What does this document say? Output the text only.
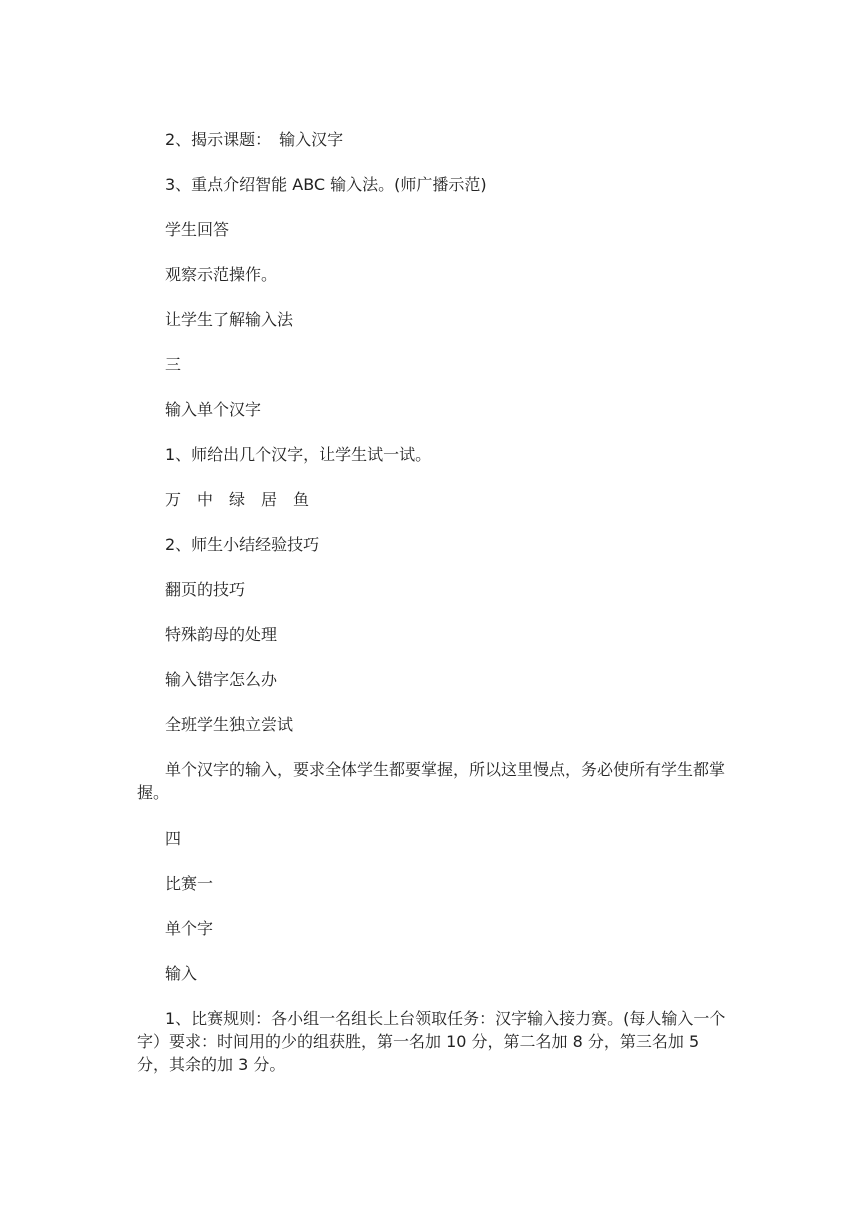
2、揭示课题：　输入汉字

3、重点介绍智能 ABC 输入法。(师广播示范)

学生回答

观察示范操作。

让学生了解输入法

三

输入单个汉字

1、师给出几个汉字，让学生试一试。

万　中　绿　居　鱼

2、师生小结经验技巧

翻页的技巧

特殊韵母的处理

输入错字怎么办

全班学生独立尝试

单个汉字的输入，要求全体学生都要掌握，所以这里慢点，务必使所有学生都掌握。

四

比赛一

单个字

输入

1、比赛规则：各小组一名组长上台领取任务：汉字输入接力赛。(每人输入一个字）要求：时间用的少的组获胜，第一名加 10 分，第二名加 8 分，第三名加 5 分，其余的加 3 分。
